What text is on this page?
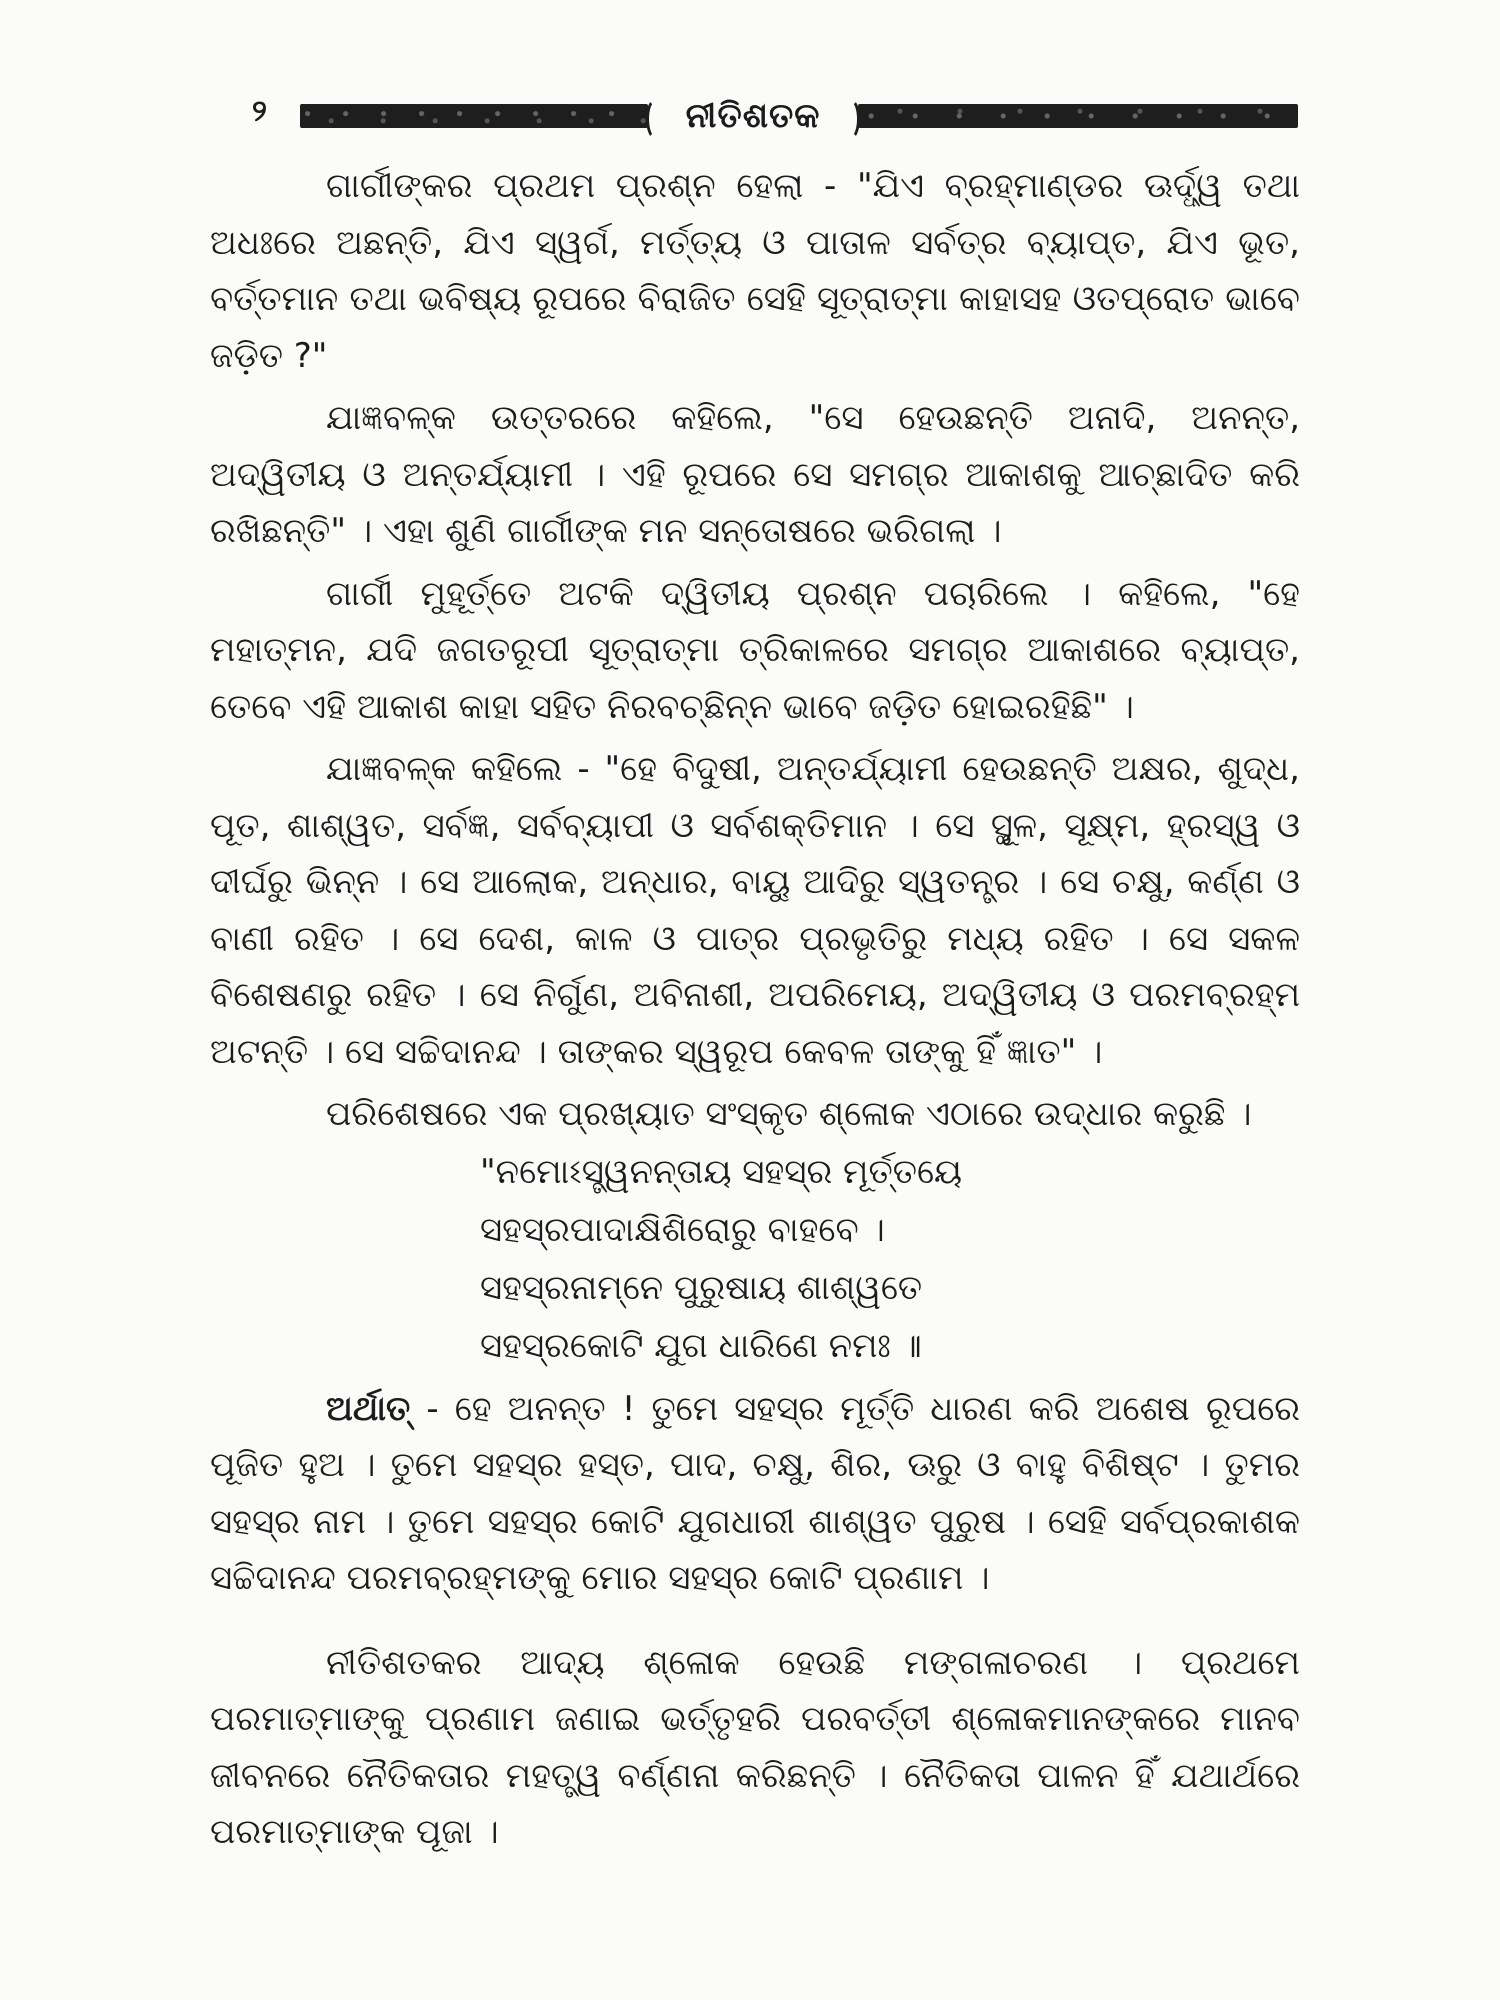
୨	ନୀତିଶତକ

ଗାର୍ଗୀଙ୍କର ପ୍ରଥମ ପ୍ରଶ୍ନ ହେଲା - "ଯିଏ ବ୍ରହ୍ମାଣ୍ଡର ଊର୍ଦ୍ଧ୍ୱ ତଥା ଅଧଃରେ ଅଛନ୍ତି, ଯିଏ ସ୍ୱର୍ଗ, ମର୍ତ୍ତ୍ୟ ଓ ପାତାଳ ସର୍ବତ୍ର ବ୍ୟାପ୍ତ, ଯିଏ ଭୂତ, ବର୍ତ୍ତମାନ ତଥା ଭବିଷ୍ୟ ରୂପରେ ବିରାଜିତ ସେହି ସୂତ୍ରାତ୍ମା କାହାସହ ଓତପ୍ରୋତ ଭାବେ ଜଡ଼ିତ ?"

ଯାଜ୍ଞବଳ୍କ ଉତ୍ତରରେ କହିଲେ, "ସେ ହେଉଛନ୍ତି ଅନାଦି, ଅନନ୍ତ, ଅଦ୍ୱିତୀୟ ଓ ଅନ୍ତର୍ଯ୍ୟାମୀ । ଏହି ରୂପରେ ସେ ସମଗ୍ର ଆକାଶକୁ ଆଚ୍ଛାଦିତ କରି ରଖିଛନ୍ତି" । ଏହା ଶୁଣି ଗାର୍ଗୀଙ୍କ ମନ ସନ୍ତୋଷରେ ଭରିଗଲା ।

ଗାର୍ଗୀ ମୁହୂର୍ତ୍ତେ ଅଟକି ଦ୍ୱିତୀୟ ପ୍ରଶ୍ନ ପଚାରିଲେ । କହିଲେ, "ହେ ମହାତ୍ମନ, ଯଦି ଜଗତରୂପୀ ସୂତ୍ରାତ୍ମା ତ୍ରିକାଳରେ ସମଗ୍ର ଆକାଶରେ ବ୍ୟାପ୍ତ, ତେବେ ଏହି ଆକାଶ କାହା ସହିତ ନିରବଚ୍ଛିନ୍ନ ଭାବେ ଜଡ଼ିତ ହୋଇରହିଛି" ।

ଯାଜ୍ଞବଳ୍କ କହିଲେ - "ହେ ବିଦୁଷୀ, ଅନ୍ତର୍ଯ୍ୟାମୀ ହେଉଛନ୍ତି ଅକ୍ଷର, ଶୁଦ୍ଧ, ପୂତ, ଶାଶ୍ୱତ, ସର୍ବଜ୍ଞ, ସର୍ବବ୍ୟାପୀ ଓ ସର୍ବଶକ୍ତିମାନ । ସେ ସ୍ଥୂଳ, ସୂକ୍ଷ୍ମ, ହ୍ରସ୍ୱ ଓ ଦୀର୍ଘରୁ ଭିନ୍ନ । ସେ ଆଲୋକ, ଅନ୍ଧାର, ବାୟୁ ଆଦିରୁ ସ୍ୱତନ୍ତ୍ର । ସେ ଚକ୍ଷୁ, କର୍ଣ୍ଣ ଓ ବାଣୀ ରହିତ । ସେ ଦେଶ, କାଳ ଓ ପାତ୍ର ପ୍ରଭୃତିରୁ ମଧ୍ୟ ରହିତ । ସେ ସକଳ ବିଶେଷଣରୁ ରହିତ । ସେ ନିର୍ଗୁଣ, ଅବିନାଶୀ, ଅପରିମେୟ, ଅଦ୍ୱିତୀୟ ଓ ପରମବ୍ରହ୍ମ ଅଟନ୍ତି । ସେ ସଚ୍ଚିଦାନନ୍ଦ । ତାଙ୍କର ସ୍ୱରୂପ କେବଳ ତାଙ୍କୁ ହିଁ ଜ୍ଞାତ" ।

ପରିଶେଷରେ ଏକ ପ୍ରଖ୍ୟାତ ସଂସ୍କୃତ ଶ୍ଳୋକ ଏଠାରେ ଉଦ୍ଧାର କରୁଛି ।

"ନମୋଽସ୍ତ୍ୱନନ୍ତାୟ ସହସ୍ର ମୂର୍ତ୍ତୟେ
ସହସ୍ରପାଦାକ୍ଷିଶିରୋରୁ ବାହବେ ।
ସହସ୍ରନାମ୍ନେ ପୁରୁଷାୟ ଶାଶ୍ୱତେ
ସହସ୍ରକୋଟି ଯୁଗ ଧାରିଣେ ନମଃ ॥

ଅର୍ଥାତ୍ - ହେ ଅନନ୍ତ ! ତୁମେ ସହସ୍ର ମୂର୍ତ୍ତି ଧାରଣ କରି ଅଶେଷ ରୂପରେ ପୂଜିତ ହୁଅ । ତୁମେ ସହସ୍ର ହସ୍ତ, ପାଦ, ଚକ୍ଷୁ, ଶିର, ଊରୁ ଓ ବାହୁ ବିଶିଷ୍ଟ । ତୁମର ସହସ୍ର ନାମ । ତୁମେ ସହସ୍ର କୋଟି ଯୁଗଧାରୀ ଶାଶ୍ୱତ ପୁରୁଷ । ସେହି ସର୍ବପ୍ରକାଶକ ସଚ୍ଚିଦାନନ୍ଦ ପରମବ୍ରହ୍ମଙ୍କୁ ମୋର ସହସ୍ର କୋଟି ପ୍ରଣାମ ।

ନୀତିଶତକର ଆଦ୍ୟ ଶ୍ଳୋକ ହେଉଛି ମଙ୍ଗଳାଚରଣ । ପ୍ରଥମେ ପରମାତ୍ମାଙ୍କୁ ପ୍ରଣାମ ଜଣାଇ ଭର୍ତ୍ତୃହରି ପରବର୍ତ୍ତୀ ଶ୍ଳୋକମାନଙ୍କରେ ମାନବ ଜୀବନରେ ନୈତିକତାର ମହତ୍ତ୍ୱ ବର୍ଣ୍ଣନା କରିଛନ୍ତି । ନୈତିକତା ପାଳନ ହିଁ ଯଥାର୍ଥରେ ପରମାତ୍ମାଙ୍କ ପୂଜା ।
